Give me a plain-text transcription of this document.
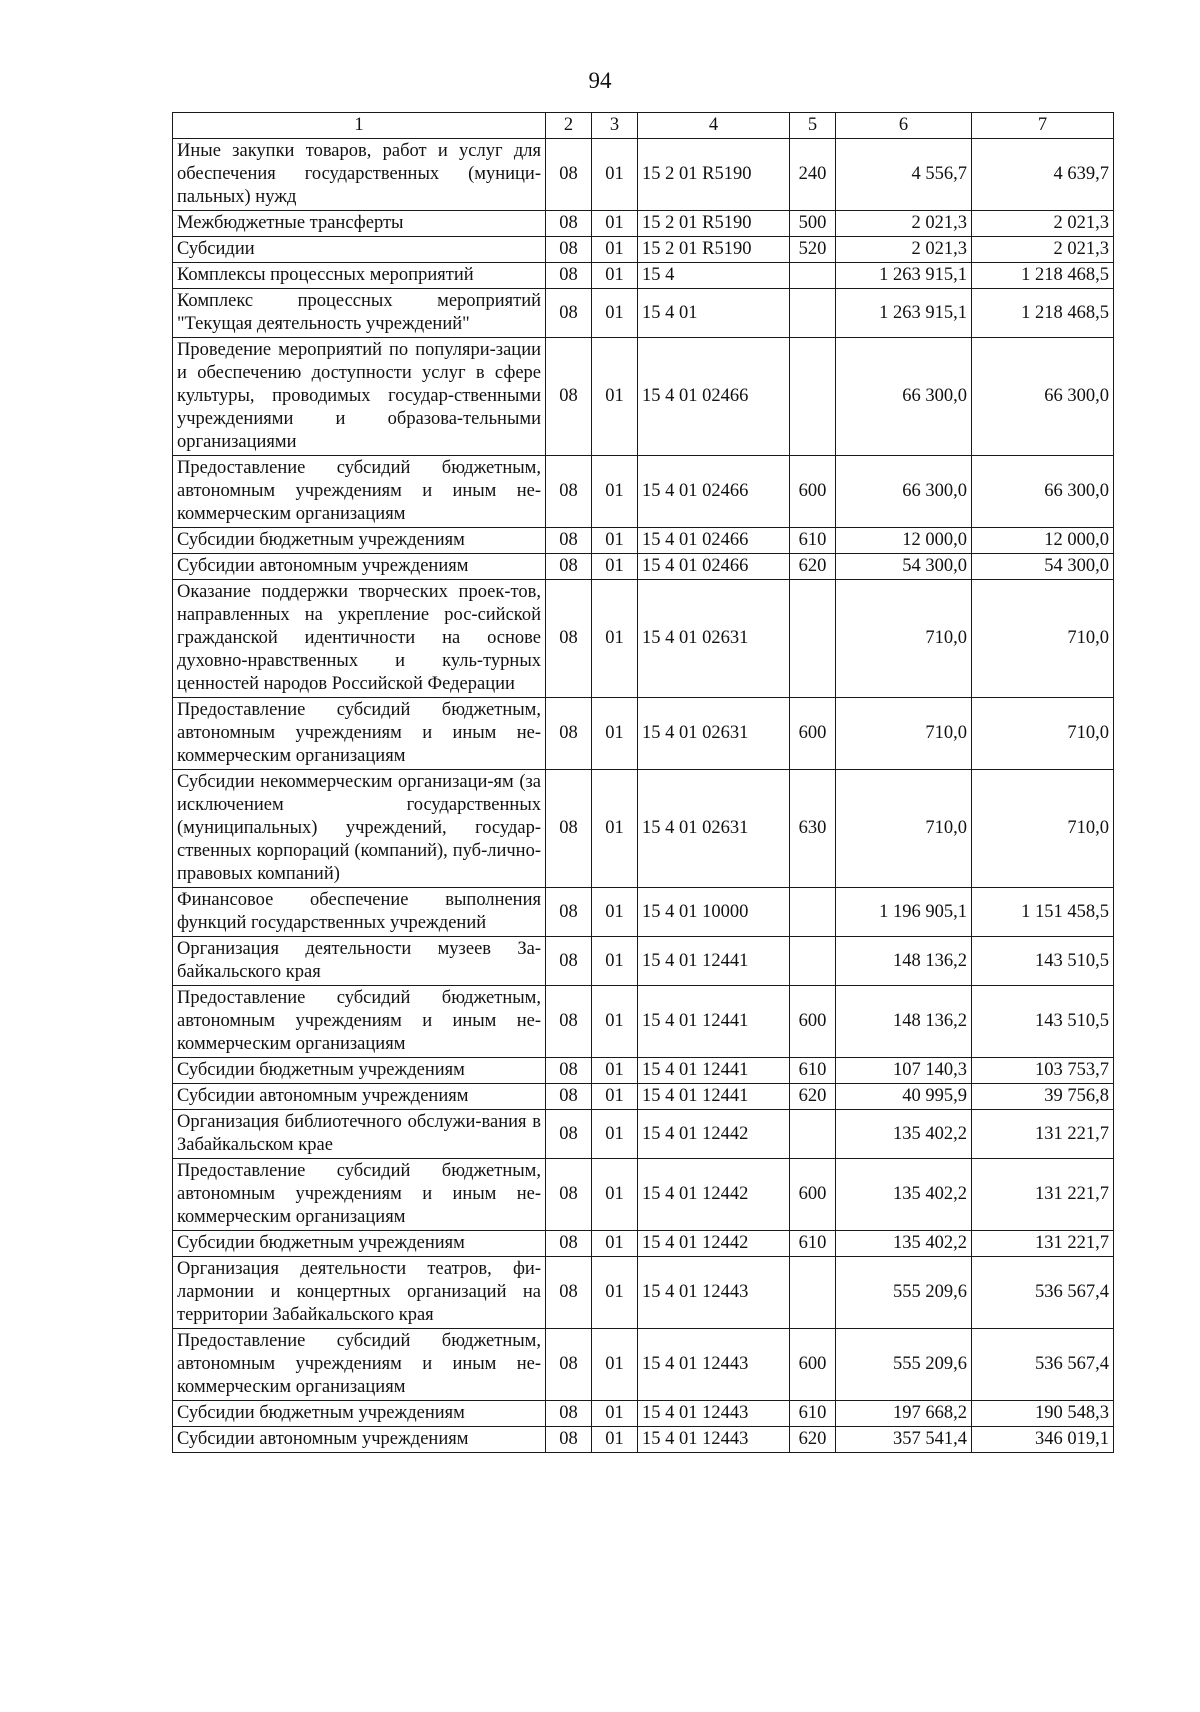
94
1	2	3	4	5	6	7
Иные закупки товаров, работ и услуг для обеспечения государственных (муници-пальных) нужд	08	01	15 2 01 R5190	240	4 556,7	4 639,7
Межбюджетные трансферты	08	01	15 2 01 R5190	500	2 021,3	2 021,3
Субсидии	08	01	15 2 01 R5190	520	2 021,3	2 021,3
Комплексы процессных мероприятий	08	01	15 4		1 263 915,1	1 218 468,5
Комплекс процессных мероприятий "Текущая деятельность учреждений"	08	01	15 4 01		1 263 915,1	1 218 468,5
Проведение мероприятий по популяри-зации и обеспечению доступности услуг в сфере культуры, проводимых государ-ственными учреждениями и образова-тельными организациями	08	01	15 4 01 02466		66 300,0	66 300,0
Предоставление субсидий бюджетным, автономным учреждениям и иным не-коммерческим организациям	08	01	15 4 01 02466	600	66 300,0	66 300,0
Субсидии бюджетным учреждениям	08	01	15 4 01 02466	610	12 000,0	12 000,0
Субсидии автономным учреждениям	08	01	15 4 01 02466	620	54 300,0	54 300,0
Оказание поддержки творческих проек-тов, направленных на укрепление рос-сийской гражданской идентичности на основе духовно-нравственных и куль-турных ценностей народов Российской Федерации	08	01	15 4 01 02631		710,0	710,0
Предоставление субсидий бюджетным, автономным учреждениям и иным не-коммерческим организациям	08	01	15 4 01 02631	600	710,0	710,0
Субсидии некоммерческим организаци-ям (за исключением государственных (муниципальных) учреждений, государ-ственных корпораций (компаний), пуб-лично-правовых компаний)	08	01	15 4 01 02631	630	710,0	710,0
Финансовое обеспечение выполнения функций государственных учреждений	08	01	15 4 01 10000		1 196 905,1	1 151 458,5
Организация деятельности музеев За-байкальского края	08	01	15 4 01 12441		148 136,2	143 510,5
Предоставление субсидий бюджетным, автономным учреждениям и иным не-коммерческим организациям	08	01	15 4 01 12441	600	148 136,2	143 510,5
Субсидии бюджетным учреждениям	08	01	15 4 01 12441	610	107 140,3	103 753,7
Субсидии автономным учреждениям	08	01	15 4 01 12441	620	40 995,9	39 756,8
Организация библиотечного обслужи-вания в Забайкальском крае	08	01	15 4 01 12442		135 402,2	131 221,7
Предоставление субсидий бюджетным, автономным учреждениям и иным не-коммерческим организациям	08	01	15 4 01 12442	600	135 402,2	131 221,7
Субсидии бюджетным учреждениям	08	01	15 4 01 12442	610	135 402,2	131 221,7
Организация деятельности театров, фи-лармонии и концертных организаций на территории Забайкальского края	08	01	15 4 01 12443		555 209,6	536 567,4
Предоставление субсидий бюджетным, автономным учреждениям и иным не-коммерческим организациям	08	01	15 4 01 12443	600	555 209,6	536 567,4
Субсидии бюджетным учреждениям	08	01	15 4 01 12443	610	197 668,2	190 548,3
Субсидии автономным учреждениям	08	01	15 4 01 12443	620	357 541,4	346 019,1
